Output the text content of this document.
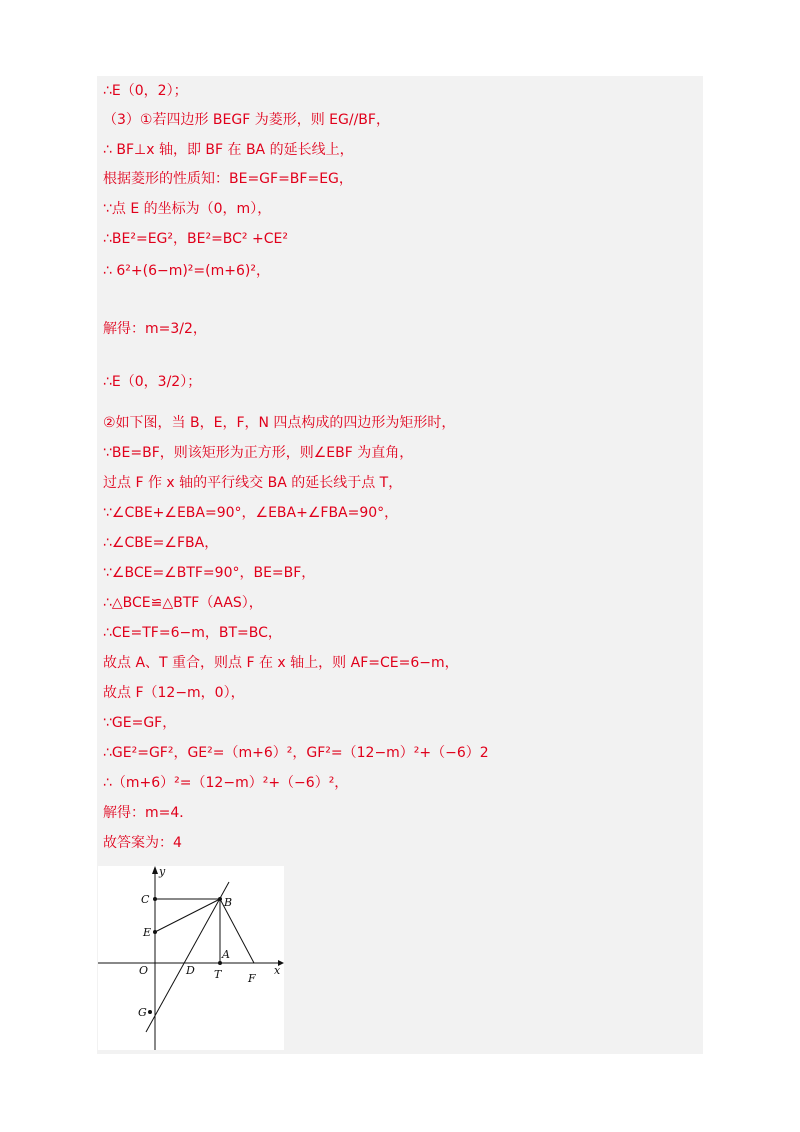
∴E（0，2）；
（3）①若四边形 BEGF 为菱形，则 EG//BF，
∴ BF⊥x 轴，即 BF 在 BA 的延长线上，
根据菱形的性质知：BE=GF=BF=EG，
∵点 E 的坐标为（0，m），
∴BE²=EG²，BE²=BC² +CE²
∴ 6²+(6−m)²=(m+6)²，
解得：m=3/2，
∴E（0，3/2）；
②如下图，当 B，E，F，N 四点构成的四边形为矩形时，
∵BE=BF，则该矩形为正方形，则∠EBF 为直角，
过点 F 作 x 轴的平行线交 BA 的延长线于点 T，
∵∠CBE+∠EBA=90°，∠EBA+∠FBA=90°，
∴∠CBE=∠FBA，
∵∠BCE=∠BTF=90°，BE=BF，
∴△BCE≌△BTF（AAS），
∴CE=TF=6−m，BT=BC，
故点 A、T 重合，则点 F 在 x 轴上，则 AF=CE=6−m，
故点 F（12−m，0），
∵GE=GF，
∴GE²=GF²，GE²=（m+6）²，GF²=（12−m）²+（−6）2
∴（m+6）²=（12−m）²+（−6）²，
解得：m=4．
故答案为：4
y
x
C
E
O	D
B
A
T F
G
